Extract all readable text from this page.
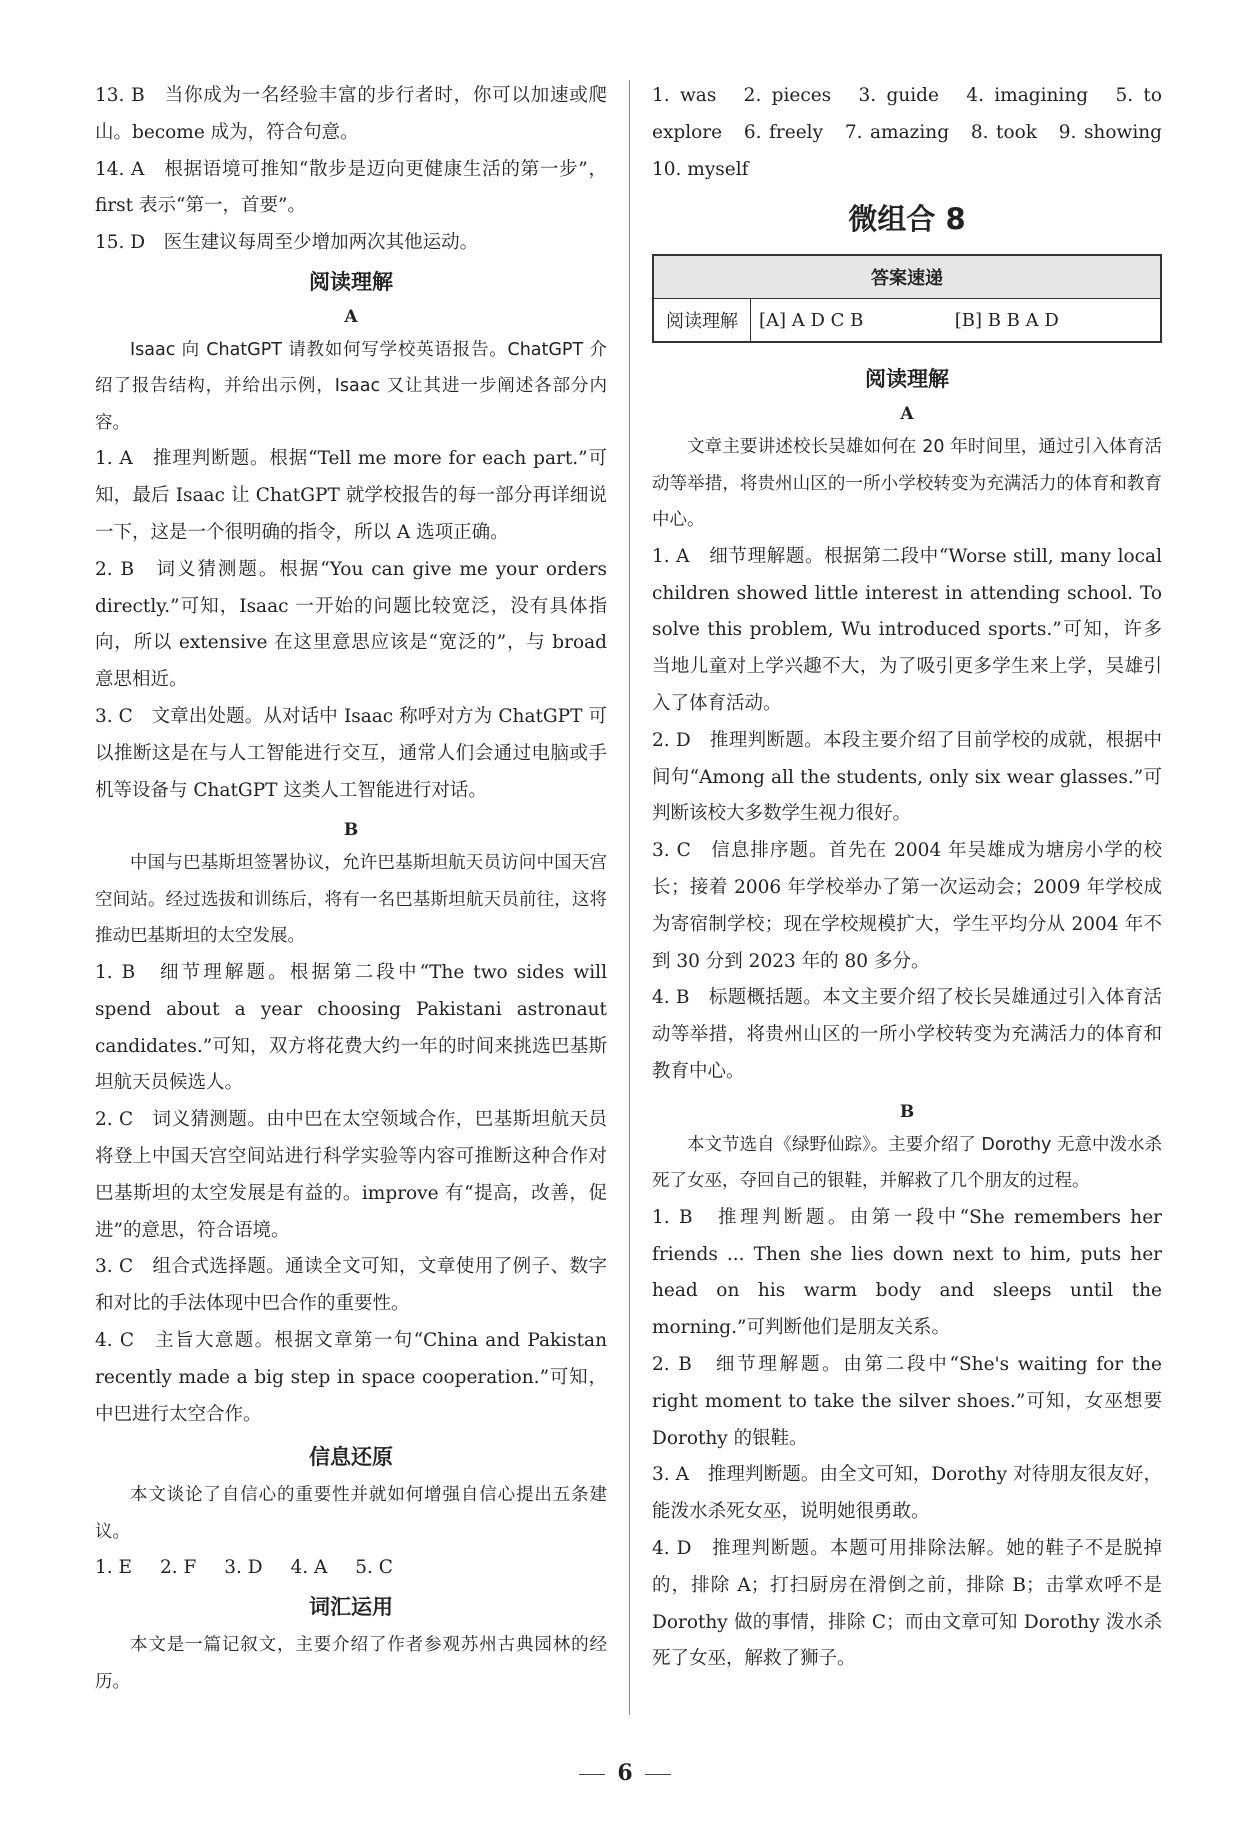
13. B　当你成为一名经验丰富的步行者时，你可以加速或爬山。become 成为，符合句意。

14. A　根据语境可推知“散步是迈向更健康生活的第一步”，first 表示“第一，首要”。

15. D　医生建议每周至少增加两次其他运动。

阅读理解
A

Isaac 向 ChatGPT 请教如何写学校英语报告。ChatGPT 介绍了报告结构，并给出示例，Isaac 又让其进一步阐述各部分内容。

1. A　推理判断题。根据“Tell me more for each part.”可知，最后 Isaac 让 ChatGPT 就学校报告的每一部分再详细说一下，这是一个很明确的指令，所以 A 选项正确。

2. B　词义猜测题。根据“You can give me your orders directly.”可知，Isaac 一开始的问题比较宽泛，没有具体指向，所以 extensive 在这里意思应该是“宽泛的”，与 broad 意思相近。

3. C　文章出处题。从对话中 Isaac 称呼对方为 ChatGPT 可以推断这是在与人工智能进行交互，通常人们会通过电脑或手机等设备与 ChatGPT 这类人工智能进行对话。

B

中国与巴基斯坦签署协议，允许巴基斯坦航天员访问中国天宫空间站。经过选拔和训练后，将有一名巴基斯坦航天员前往，这将推动巴基斯坦的太空发展。

1. B　细节理解题。根据第二段中“The two sides will spend about a year choosing Pakistani astronaut candidates.”可知，双方将花费大约一年的时间来挑选巴基斯坦航天员候选人。

2. C　词义猜测题。由中巴在太空领域合作，巴基斯坦航天员将登上中国天宫空间站进行科学实验等内容可推断这种合作对巴基斯坦的太空发展是有益的。improve 有“提高，改善，促进”的意思，符合语境。

3. C　组合式选择题。通读全文可知，文章使用了例子、数字和对比的手法体现中巴合作的重要性。

4. C　主旨大意题。根据文章第一句“China and Pakistan recently made a big step in space cooperation.”可知，中巴进行太空合作。

信息还原

本文谈论了自信心的重要性并就如何增强自信心提出五条建议。

1. E 2. F 3. D 4. A 5. C
词汇运用

本文是一篇记叙文，主要介绍了作者参观苏州古典园林的经历。

1. was　2. pieces　3. guide　4. imagining　5. to explore　6. freely　7. amazing　8. took　9. showing　10. myself

微组合 8
答案速递
阅读理解	[A] A D C B	[B] B B A D
阅读理解
A

文章主要讲述校长吴雄如何在 20 年时间里，通过引入体育活动等举措，将贵州山区的一所小学校转变为充满活力的体育和教育中心。

1. A　细节理解题。根据第二段中“Worse still, many local children showed little interest in attending school. To solve this problem, Wu introduced sports.”可知，许多当地儿童对上学兴趣不大，为了吸引更多学生来上学，吴雄引入了体育活动。

2. D　推理判断题。本段主要介绍了目前学校的成就，根据中间句“Among all the students, only six wear glasses.”可判断该校大多数学生视力很好。

3. C　信息排序题。首先在 2004 年吴雄成为塘房小学的校长；接着 2006 年学校举办了第一次运动会；2009 年学校成为寄宿制学校；现在学校规模扩大，学生平均分从 2004 年不到 30 分到 2023 年的 80 多分。

4. B　标题概括题。本文主要介绍了校长吴雄通过引入体育活动等举措，将贵州山区的一所小学校转变为充满活力的体育和教育中心。

B

本文节选自《绿野仙踪》。主要介绍了 Dorothy 无意中泼水杀死了女巫，夺回自己的银鞋，并解救了几个朋友的过程。

1. B　推理判断题。由第一段中“She remembers her friends ... Then she lies down next to him, puts her head on his warm body and sleeps until the morning.”可判断他们是朋友关系。

2. B　细节理解题。由第二段中“She's waiting for the right moment to take the silver shoes.”可知，女巫想要 Dorothy 的银鞋。

3. A　推理判断题。由全文可知，Dorothy 对待朋友很友好，能泼水杀死女巫，说明她很勇敢。

4. D　推理判断题。本题可用排除法解。她的鞋子不是脱掉的，排除 A；打扫厨房在滑倒之前，排除 B；击掌欢呼不是 Dorothy 做的事情，排除 C；而由文章可知 Dorothy 泼水杀死了女巫，解救了狮子。

6
